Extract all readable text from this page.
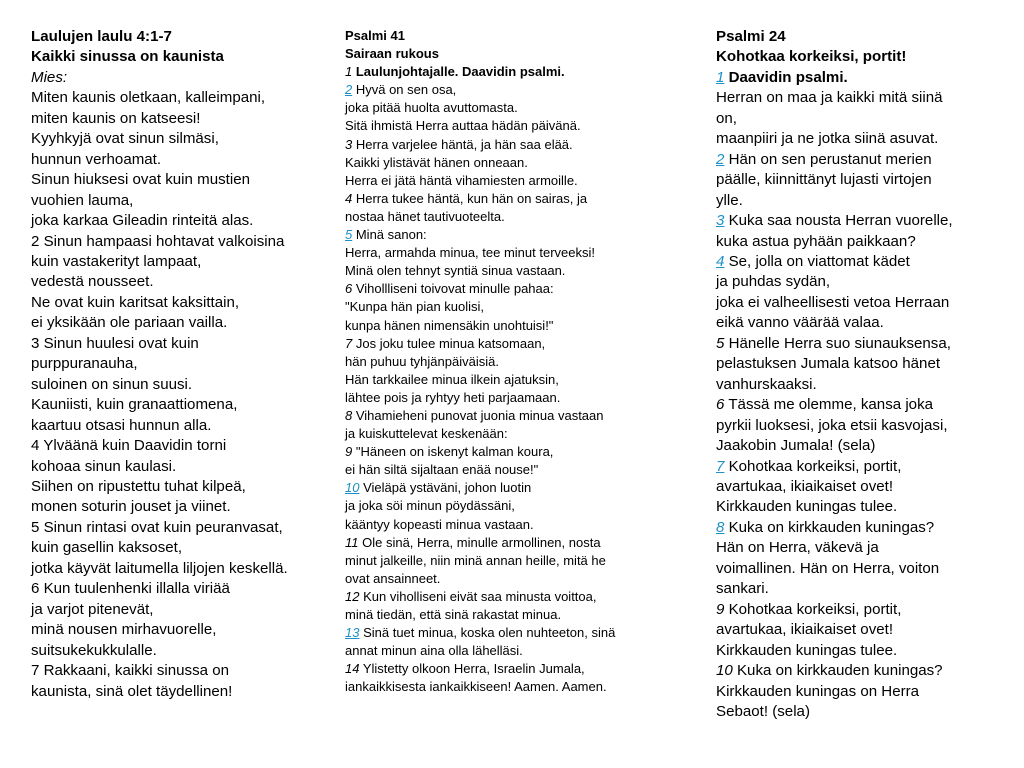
Laulujen laulu 4:1-7
Kaikki sinussa on kaunista
Mies:
Miten kaunis oletkaan, kalleimpani,
miten kaunis on katseesi!
Kyyhkyjä ovat sinun silmäsi,
hunnun verhoamat.
Sinun hiuksesi ovat kuin mustien
vuohien lauma,
joka karkaa Gileadin rinteitä alas.
2 Sinun hampaasi hohtavat valkoisina
kuin vastakerityt lampaat,
vedestä nousseet.
Ne ovat kuin karitsat kaksittain,
ei yksikään ole pariaan vailla.
3 Sinun huulesi ovat kuin
purppuranauha,
suloinen on sinun suusi.
Kauniisti, kuin granaattiomena,
kaartuu otsasi hunnun alla.
4 Ylväänä kuin Daavidin torni
kohoaa sinun kaulasi.
Siihen on ripustettu tuhat kilpeä,
monen soturin jouset ja viinet.
5 Sinun rintasi ovat kuin peuranvasat,
kuin gasellin kaksoset,
jotka käyvät laitumella liljojen keskellä.
6 Kun tuulenhenki illalla viriää
ja varjot pitenevät,
minä nousen mirhavuorelle,
suitsukekukkulalle.
7 Rakkaani, kaikki sinussa on
kaunista, sinä olet täydellinen!
Psalmi 41
Sairaan rukous
1 Laulunjohtajalle. Daavidin psalmi.
2 Hyvä on sen osa,
joka pitää huolta avuttomasta.
Sitä ihmistä Herra auttaa hädän päivänä.
3 Herra varjelee häntä, ja hän saa elää.
Kaikki ylistävät hänen onneaan.
Herra ei jätä häntä vihamiesten armoille.
4 Herra tukee häntä, kun hän on sairas, ja
nostaa hänet tautivuoteelta.
5 Minä sanon:
Herra, armahda minua, tee minut terveeksi!
Minä olen tehnyt syntiä sinua vastaan.
6 Vihollliseni toivovat minulle pahaa:
"Kunpa hän pian kuolisi,
kunpa hänen nimensäkin unohtuisi!"
7 Jos joku tulee minua katsomaan,
hän puhuu tyhjänpäiväisiä.
Hän tarkkailee minua ilkein ajatuksin,
lähtee pois ja ryhtyy heti parjaamaan.
8 Vihamieheni punovat juonia minua vastaan
ja kuiskuttelevat keskenään:
9 "Häneen on iskenyt kalman koura,
ei hän siltä sijaltaan enää nouse!"
10 Vieläpä ystäväni, johon luotin
ja joka söi minun pöydässäni,
kääntyy kopeasti minua vastaan.
11 Ole sinä, Herra, minulle armollinen, nosta
minut jalkeille, niin minä annan heille, mitä he
ovat ansainneet.
12 Kun viholliseni eivät saa minusta voittoa,
minä tiedän, että sinä rakastat minua.
13 Sinä tuet minua, koska olen nuhteeton, sinä
annat minun aina olla lähelläsi.
14 Ylistetty olkoon Herra, Israelin Jumala,
iankaikkisesta iankaikkiseen! Aamen. Aamen.
Psalmi 24
Kohotkaa korkeiksi, portit!
1 Daavidin psalmi.
Herran on maa ja kaikki mitä siinä
on,
maanpiiri ja ne jotka siinä asuvat.
2 Hän on sen perustanut merien
päälle, kiinnittänyt lujasti virtojen
ylle.
3 Kuka saa nousta Herran vuorelle,
kuka astua pyhään paikkaan?
4 Se, jolla on viattomat kädet
ja puhdas sydän,
joka ei valheellisesti vetoa Herraan
eikä vanno väärää valaa.
5 Hänelle Herra suo siunauksensa,
pelastuksen Jumala katsoo hänet
vanhurskaaksi.
6 Tässä me olemme, kansa joka
pyrkii luoksesi, joka etsii kasvojasi,
Jaakobin Jumala! (sela)
7 Kohotkaa korkeiksi, portit,
avartukaa, ikiaikaiset ovet!
Kirkkauden kuningas tulee.
8 Kuka on kirkkauden kuningas?
Hän on Herra, väkevä ja
voimallinen. Hän on Herra, voiton
sankari.
9 Kohotkaa korkeiksi, portit,
avartukaa, ikiaikaiset ovet!
Kirkkauden kuningas tulee.
10 Kuka on kirkkauden kuningas?
Kirkkauden kuningas on Herra
Sebaot! (sela)
